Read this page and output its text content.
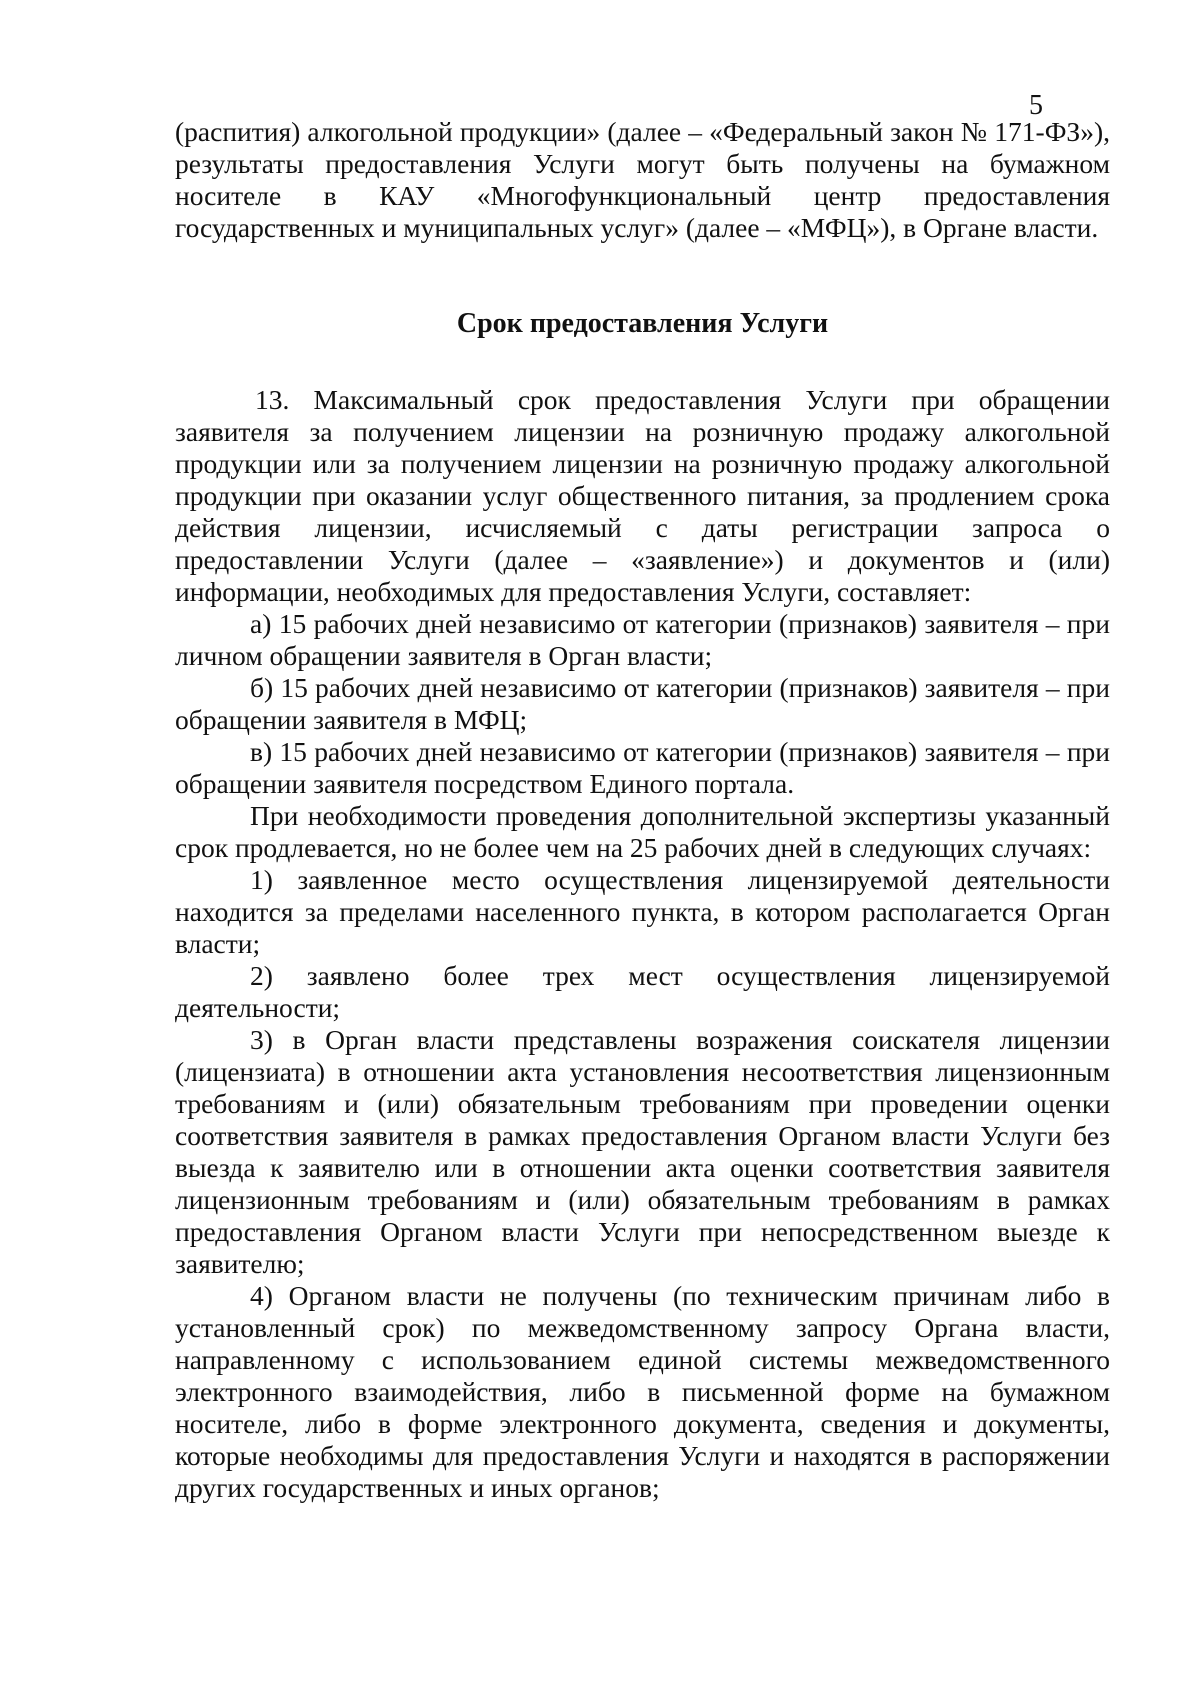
5

(распития) алкогольной продукции» (далее – «Федеральный закон № 171-ФЗ»), результаты предоставления Услуги могут быть получены на бумажном носителе в КАУ «Многофункциональный центр предоставления государственных и муниципальных услуг» (далее – «МФЦ»), в Органе власти.

Срок предоставления Услуги

13. Максимальный срок предоставления Услуги при обращении заявителя за получением лицензии на розничную продажу алкогольной продукции или за получением лицензии на розничную продажу алкогольной продукции при оказании услуг общественного питания, за продлением срока действия лицензии, исчисляемый с даты регистрации запроса о предоставлении Услуги (далее – «заявление») и документов и (или) информации, необходимых для предоставления Услуги, составляет:

а) 15 рабочих дней независимо от категории (признаков) заявителя – при личном обращении заявителя в Орган власти;

б) 15 рабочих дней независимо от категории (признаков) заявителя – при обращении заявителя в МФЦ;

в) 15 рабочих дней независимо от категории (признаков) заявителя – при обращении заявителя посредством Единого портала.

При необходимости проведения дополнительной экспертизы указанный срок продлевается, но не более чем на 25 рабочих дней в следующих случаях:

1) заявленное место осуществления лицензируемой деятельности находится за пределами населенного пункта, в котором располагается Орган власти;

2) заявлено более трех мест осуществления лицензируемой деятельности;

3) в Орган власти представлены возражения соискателя лицензии (лицензиата) в отношении акта установления несоответствия лицензионным требованиям и (или) обязательным требованиям при проведении оценки соответствия заявителя в рамках предоставления Органом власти Услуги без выезда к заявителю или в отношении акта оценки соответствия заявителя лицензионным требованиям и (или) обязательным требованиям в рамках предоставления Органом власти Услуги при непосредственном выезде к заявителю;

4) Органом власти не получены (по техническим причинам либо в установленный срок) по межведомственному запросу Органа власти, направленному с использованием единой системы межведомственного электронного взаимодействия, либо в письменной форме на бумажном носителе, либо в форме электронного документа, сведения и документы, которые необходимы для предоставления Услуги и находятся в распоряжении других государственных и иных органов;
